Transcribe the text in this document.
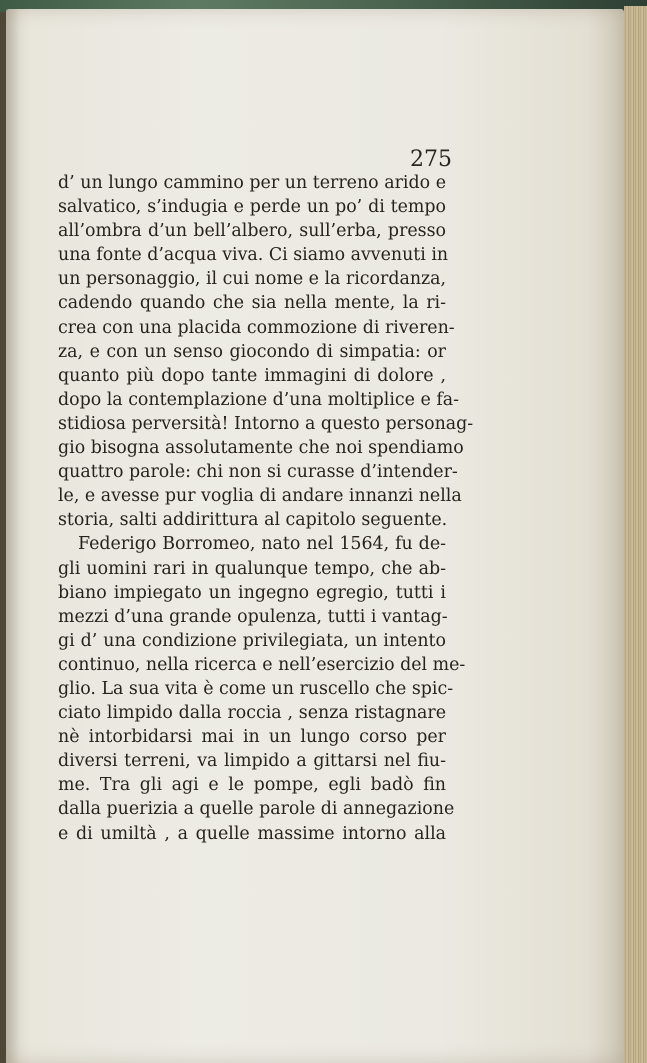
275

d’ un lungo cammino per un terreno arido e
salvatico, s’indugia e perde un po’ di tempo
all’ombra d’un bell’albero, sull’erba, presso
una fonte d’acqua viva. Ci siamo avvenuti in
un personaggio, il cui nome e la ricordanza,
cadendo quando che sia nella mente, la ri-
crea con una placida commozione di riveren-
za, e con un senso giocondo di simpatia: or
quanto più dopo tante immagini di dolore ,
dopo la contemplazione d’una moltiplice e fa-
stidiosa perversità! Intorno a questo personag-
gio bisogna assolutamente che noi spendiamo
quattro parole: chi non si curasse d’intender-
le, e avesse pur voglia di andare innanzi nella
storia, salti addirittura al capitolo seguente.
Federigo Borromeo, nato nel 1564, fu de-
gli uomini rari in qualunque tempo, che ab-
biano impiegato un ingegno egregio, tutti i
mezzi d’una grande opulenza, tutti i vantag-
gi d’ una condizione privilegiata, un intento
continuo, nella ricerca e nell’esercizio del me-
glio. La sua vita è come un ruscello che spic-
ciato limpido dalla roccia , senza ristagnare
nè intorbidarsi mai in un lungo corso per
diversi terreni, va limpido a gittarsi nel fiu-
me. Tra gli agi e le pompe, egli badò fin
dalla puerizia a quelle parole di annegazione
e di umiltà , a quelle massime intorno alla
